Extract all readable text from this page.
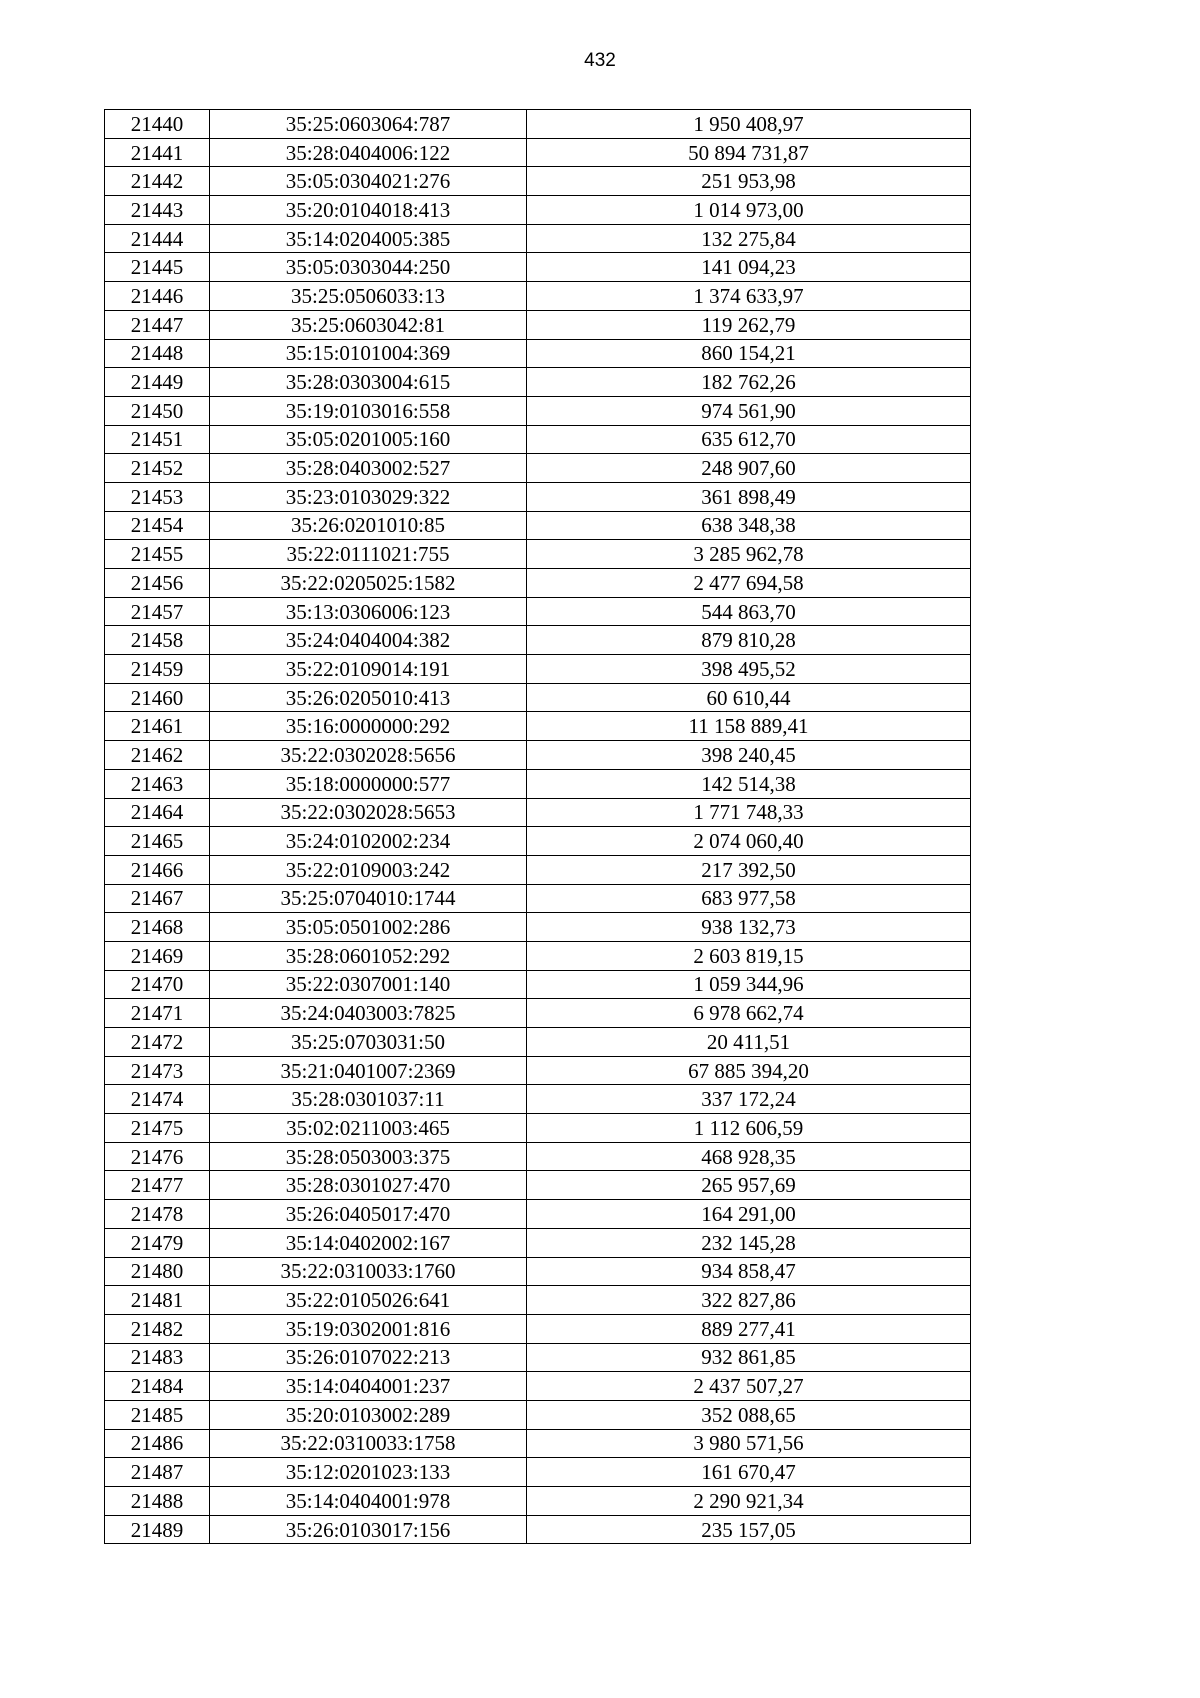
432
21440	35:25:0603064:787	1 950 408,97
21441	35:28:0404006:122	50 894 731,87
21442	35:05:0304021:276	251 953,98
21443	35:20:0104018:413	1 014 973,00
21444	35:14:0204005:385	132 275,84
21445	35:05:0303044:250	141 094,23
21446	35:25:0506033:13	1 374 633,97
21447	35:25:0603042:81	119 262,79
21448	35:15:0101004:369	860 154,21
21449	35:28:0303004:615	182 762,26
21450	35:19:0103016:558	974 561,90
21451	35:05:0201005:160	635 612,70
21452	35:28:0403002:527	248 907,60
21453	35:23:0103029:322	361 898,49
21454	35:26:0201010:85	638 348,38
21455	35:22:0111021:755	3 285 962,78
21456	35:22:0205025:1582	2 477 694,58
21457	35:13:0306006:123	544 863,70
21458	35:24:0404004:382	879 810,28
21459	35:22:0109014:191	398 495,52
21460	35:26:0205010:413	60 610,44
21461	35:16:0000000:292	11 158 889,41
21462	35:22:0302028:5656	398 240,45
21463	35:18:0000000:577	142 514,38
21464	35:22:0302028:5653	1 771 748,33
21465	35:24:0102002:234	2 074 060,40
21466	35:22:0109003:242	217 392,50
21467	35:25:0704010:1744	683 977,58
21468	35:05:0501002:286	938 132,73
21469	35:28:0601052:292	2 603 819,15
21470	35:22:0307001:140	1 059 344,96
21471	35:24:0403003:7825	6 978 662,74
21472	35:25:0703031:50	20 411,51
21473	35:21:0401007:2369	67 885 394,20
21474	35:28:0301037:11	337 172,24
21475	35:02:0211003:465	1 112 606,59
21476	35:28:0503003:375	468 928,35
21477	35:28:0301027:470	265 957,69
21478	35:26:0405017:470	164 291,00
21479	35:14:0402002:167	232 145,28
21480	35:22:0310033:1760	934 858,47
21481	35:22:0105026:641	322 827,86
21482	35:19:0302001:816	889 277,41
21483	35:26:0107022:213	932 861,85
21484	35:14:0404001:237	2 437 507,27
21485	35:20:0103002:289	352 088,65
21486	35:22:0310033:1758	3 980 571,56
21487	35:12:0201023:133	161 670,47
21488	35:14:0404001:978	2 290 921,34
21489	35:26:0103017:156	235 157,05
